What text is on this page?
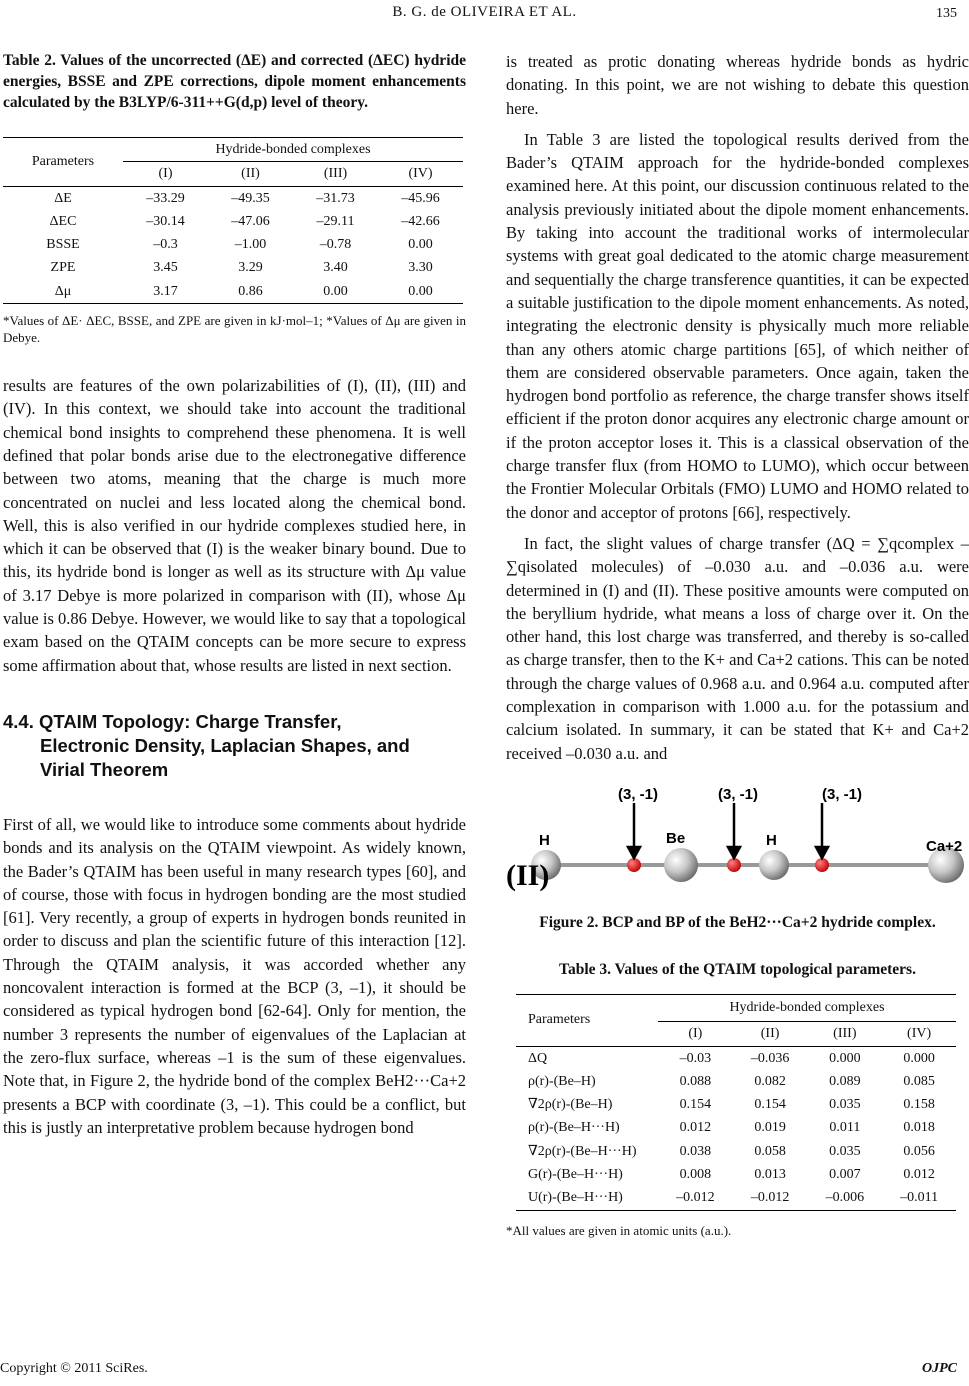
B. G. de OLIVEIRA ET AL.	135

Table 2. Values of the uncorrected (ΔE) and corrected (ΔEC) hydride energies, BSSE and ZPE corrections, dipole moment enhancements calculated by the B3LYP/6-311++G(d,p) level of theory.

Parameters	Hydride-bonded complexes			
	(I)	(II)	(III)	(IV)
ΔE	–33.29	–49.35	–31.73	–45.96
ΔEC	–30.14	–47.06	–29.11	–42.66
BSSE	–0.3	–1.00	–0.78	0.00
ZPE	3.45	3.29	3.40	3.30
Δμ	3.17	0.86	0.00	0.00

*Values of ΔE· ΔEC, BSSE, and ZPE are given in kJ·mol–1; *Values of Δμ are given in Debye.

results are features of the own polarizabilities of (I), (II), (III) and (IV). In this context, we should take into account the traditional chemical bond insights to comprehend these phenomena. It is well defined that polar bonds arise due to the electronegative difference between two atoms, meaning that the charge is much more concentrated on nuclei and less located along the chemical bond. Well, this is also verified in our hydride complexes studied here, in which it can be observed that (I) is the weaker binary bound. Due to this, its hydride bond is longer as well as its structure with Δμ value of 3.17 Debye is more polarized in comparison with (II), whose Δμ value is 0.86 Debye. However, we would like to say that a topological exam based on the QTAIM concepts can be more secure to express some affirmation about that, whose results are listed in next section.

4.4. QTAIM Topology: Charge Transfer,
Electronic Density, Laplacian Shapes, and
Virial Theorem

First of all, we would like to introduce some comments about hydride bonds and its analysis on the QTAIM viewpoint. As widely known, the Bader’s QTAIM has been useful in many research types [60], and of course, those with focus in hydrogen bonding are the most studied [61]. Very recently, a group of experts in hydrogen bonds reunited in order to discuss and plan the scientific future of this interaction [12]. Through the QTAIM analysis, it was accorded whether any noncovalent interaction is formed at the BCP (3, –1), it should be considered as typical hydrogen bond [62-64]. Only for mention, the number 3 represents the number of eigenvalues of the Laplacian at the zero-flux surface, whereas –1 is the sum of these eigenvalues. Note that, in Figure 2, the hydride bond of the complex BeH2···Ca+2 presents a BCP with coordinate (3, –1). This could be a conflict, but this is justly an interpretative problem because hydrogen bond

is treated as protic donating whereas hydride bonds as hydric donating. In this point, we are not wishing to debate this question here.

In Table 3 are listed the topological results derived from the Bader’s QTAIM approach for the hydride-bonded complexes examined here. At this point, our discussion continuous related to the analysis previously initiated about the dipole moment enhancements. By taking into account the traditional works of intermolecular systems with great goal dedicated to the atomic charge measurement and sequentially the charge transference quantities, it can be expected a suitable justification to the dipole moment enhancements. As noted, integrating the electronic density is physically much more reliable than any others atomic charge partitions [65], of which neither of them are considered observable parameters. Once again, taken the hydrogen bond portfolio as reference, the charge transfer shows itself efficient if the proton donor acquires any electronic charge amount or if the proton acceptor loses it. This is a classical observation of the charge transfer flux (from HOMO to LUMO), which occur between the Frontier Molecular Orbitals (FMO) LUMO and HOMO related to the donor and acceptor of protons [66], respectively.

In fact, the slight values of charge transfer (ΔQ = ∑qcomplex – ∑qisolated molecules) of –0.030 a.u. and –0.036 a.u. were determined in (I) and (II). These positive amounts were computed on the beryllium hydride, what means a loss of charge over it. On the other hand, this lost charge was transferred, and thereby is so-called as charge transfer, then to the K+ and Ca+2 cations. This can be noted through the charge values of 0.968 a.u. and 0.964 a.u. computed after complexation in comparison with 1.000 a.u. for the potassium and calcium isolated. In summary, it can be stated that K+ and Ca+2 received –0.030 a.u. and

(3, -1)	(3, -1)	(3, -1)
H	Be	H	Ca+2
(II)

Figure 2. BCP and BP of the BeH2···Ca+2 hydride complex.

Table 3. Values of the QTAIM topological parameters.

Parameters	Hydride-bonded complexes			
	(I)	(II)	(III)	(IV)
ΔQ	–0.03	–0.036	0.000	0.000
ρ(r)-(Be–H)	0.088	0.082	0.089	0.085
∇2ρ(r)-(Be–H)	0.154	0.154	0.035	0.158
ρ(r)-(Be–H···H)	0.012	0.019	0.011	0.018
∇2ρ(r)-(Be–H···H)	0.038	0.058	0.035	0.056
G(r)-(Be–H···H)	0.008	0.013	0.007	0.012
U(r)-(Be–H···H)	–0.012	–0.012	–0.006	–0.011

*All values are given in atomic units (a.u.).

Copyright © 2011 SciRes.	OJPC
